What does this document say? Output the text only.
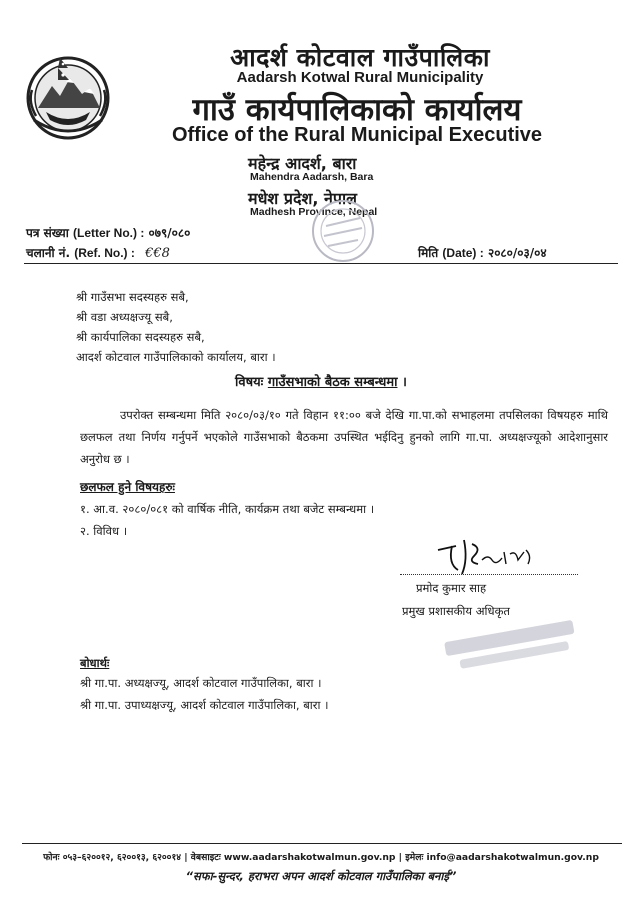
आदर्श कोटवाल गाउँपालिका
Aadarsh Kotwal Rural Municipality
गाउँ कार्यपालिकाको कार्यालय
Office of the Rural Municipal Executive
महेन्द्र आदर्श, बारा
Mahendra Aadarsh, Bara
मधेश प्रदेश, नेपाल
Madhesh Province, Nepal
पत्र संख्या (Letter No.) : ०७९/०८०
चलानी नं. (Ref. No.) : €€8	मिति (Date) : २०८०/०३/०४
श्री गाउँसभा सदस्यहरु सबै,
श्री वडा अध्यक्षज्यू सबै,
श्री कार्यपालिका सदस्यहरु सबै,
आदर्श कोटवाल गाउँपालिकाको कार्यालय, बारा ।
विषयः गाउँसभाको बैठक सम्बन्धमा ।
उपरोक्त सम्बन्धमा मिति २०८०/०३/१० गते विहान ११:०० बजे देखि गा.पा.को सभाहलमा तपसिलका विषयहरु माथि छलफल तथा निर्णय गर्नुपर्ने भएकोले गाउँसभाको बैठकमा उपस्थित भईदिनु हुनको लागि गा.पा. अध्यक्षज्यूको आदेशानुसार अनुरोध छ ।
छलफल हुने विषयहरुः
१. आ.व. २०८०/०८१ को वार्षिक नीति, कार्यक्रम तथा बजेट सम्बन्धमा ।
२. विविध ।
प्रमोद कुमार साह
प्रमुख प्रशासकीय अधिकृत
बोधार्थः
श्री गा.पा. अध्यक्षज्यू, आदर्श कोटवाल गाउँपालिका, बारा ।
श्री गा.पा. उपाध्यक्षज्यू, आदर्श कोटवाल गाउँपालिका, बारा ।
फोनः ०५३–६२००१२, ६२००१३, ६२००१४ | वेबसाइटः www.aadarshakotwalmun.gov.np | इमेलः info@aadarshakotwalmun.gov.np
“सफा-सुन्दर, हराभरा अपन आदर्श कोटवाल गाउँपालिका बनाई”
